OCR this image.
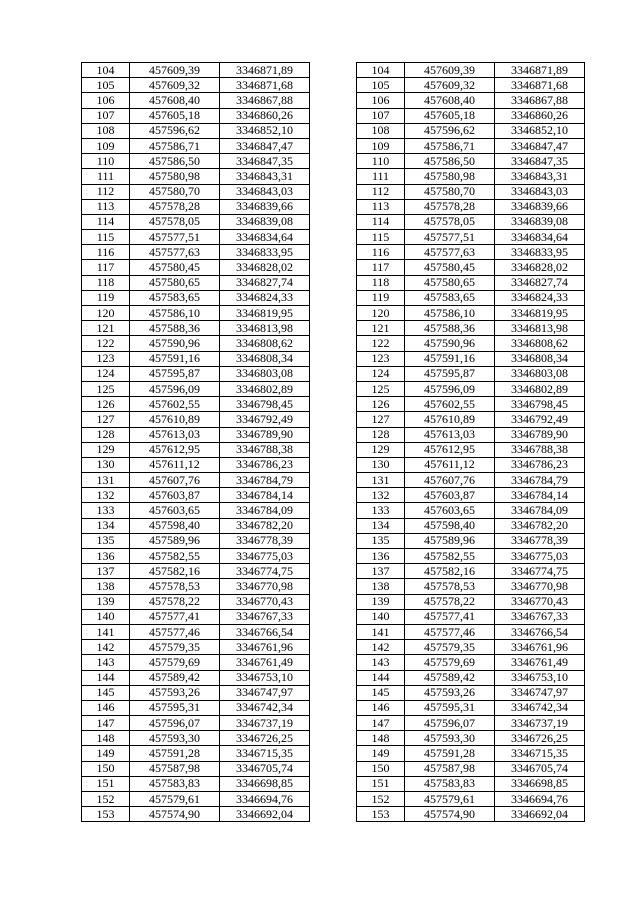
104	457609,39	3346871,89		104	457609,39	3346871,89
105	457609,32	3346871,68		105	457609,32	3346871,68
106	457608,40	3346867,88		106	457608,40	3346867,88
107	457605,18	3346860,26		107	457605,18	3346860,26
108	457596,62	3346852,10		108	457596,62	3346852,10
109	457586,71	3346847,47		109	457586,71	3346847,47
110	457586,50	3346847,35		110	457586,50	3346847,35
111	457580,98	3346843,31		111	457580,98	3346843,31
112	457580,70	3346843,03		112	457580,70	3346843,03
113	457578,28	3346839,66		113	457578,28	3346839,66
114	457578,05	3346839,08		114	457578,05	3346839,08
115	457577,51	3346834,64		115	457577,51	3346834,64
116	457577,63	3346833,95		116	457577,63	3346833,95
117	457580,45	3346828,02		117	457580,45	3346828,02
118	457580,65	3346827,74		118	457580,65	3346827,74
119	457583,65	3346824,33		119	457583,65	3346824,33
120	457586,10	3346819,95		120	457586,10	3346819,95
121	457588,36	3346813,98		121	457588,36	3346813,98
122	457590,96	3346808,62		122	457590,96	3346808,62
123	457591,16	3346808,34		123	457591,16	3346808,34
124	457595,87	3346803,08		124	457595,87	3346803,08
125	457596,09	3346802,89		125	457596,09	3346802,89
126	457602,55	3346798,45		126	457602,55	3346798,45
127	457610,89	3346792,49		127	457610,89	3346792,49
128	457613,03	3346789,90		128	457613,03	3346789,90
129	457612,95	3346788,38		129	457612,95	3346788,38
130	457611,12	3346786,23		130	457611,12	3346786,23
131	457607,76	3346784,79		131	457607,76	3346784,79
132	457603,87	3346784,14		132	457603,87	3346784,14
133	457603,65	3346784,09		133	457603,65	3346784,09
134	457598,40	3346782,20		134	457598,40	3346782,20
135	457589,96	3346778,39		135	457589,96	3346778,39
136	457582,55	3346775,03		136	457582,55	3346775,03
137	457582,16	3346774,75		137	457582,16	3346774,75
138	457578,53	3346770,98		138	457578,53	3346770,98
139	457578,22	3346770,43		139	457578,22	3346770,43
140	457577,41	3346767,33		140	457577,41	3346767,33
141	457577,46	3346766,54		141	457577,46	3346766,54
142	457579,35	3346761,96		142	457579,35	3346761,96
143	457579,69	3346761,49		143	457579,69	3346761,49
144	457589,42	3346753,10		144	457589,42	3346753,10
145	457593,26	3346747,97		145	457593,26	3346747,97
146	457595,31	3346742,34		146	457595,31	3346742,34
147	457596,07	3346737,19		147	457596,07	3346737,19
148	457593,30	3346726,25		148	457593,30	3346726,25
149	457591,28	3346715,35		149	457591,28	3346715,35
150	457587,98	3346705,74		150	457587,98	3346705,74
151	457583,83	3346698,85		151	457583,83	3346698,85
152	457579,61	3346694,76		152	457579,61	3346694,76
153	457574,90	3346692,04		153	457574,90	3346692,04
